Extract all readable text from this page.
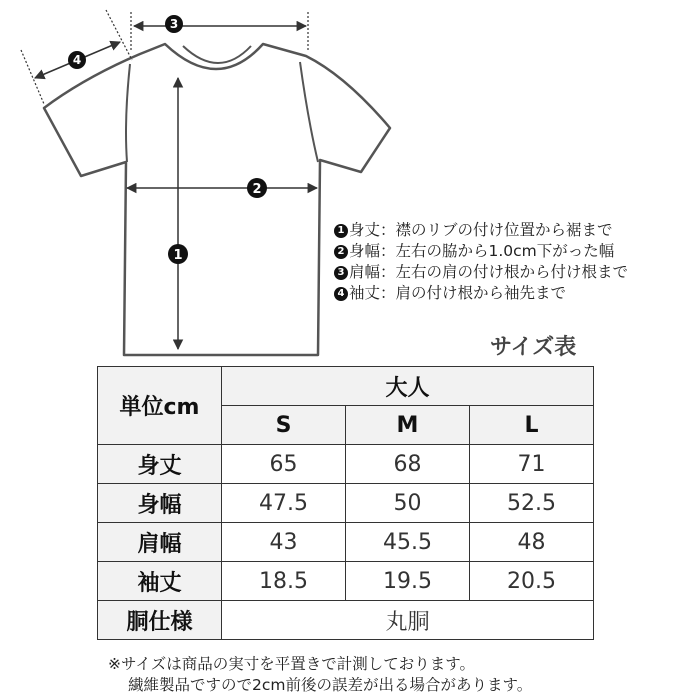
3
4
2
1
1 身丈：襟のリブの付け位置から裾まで
2 身幅：左右の脇から1.0cm下がった幅
3 肩幅：左右の肩の付け根から付け根まで
4 袖丈：肩の付け根から袖先まで
サイズ表
単位cm	大人		
	S	M	L
身丈	65	68	71
身幅	47.5	50	52.5
肩幅	43	45.5	48
袖丈	18.5	19.5	20.5
胴仕様	丸胴		
※サイズは商品の実寸を平置きで計測しております。
繊維製品ですので2cm前後の誤差が出る場合があります。
